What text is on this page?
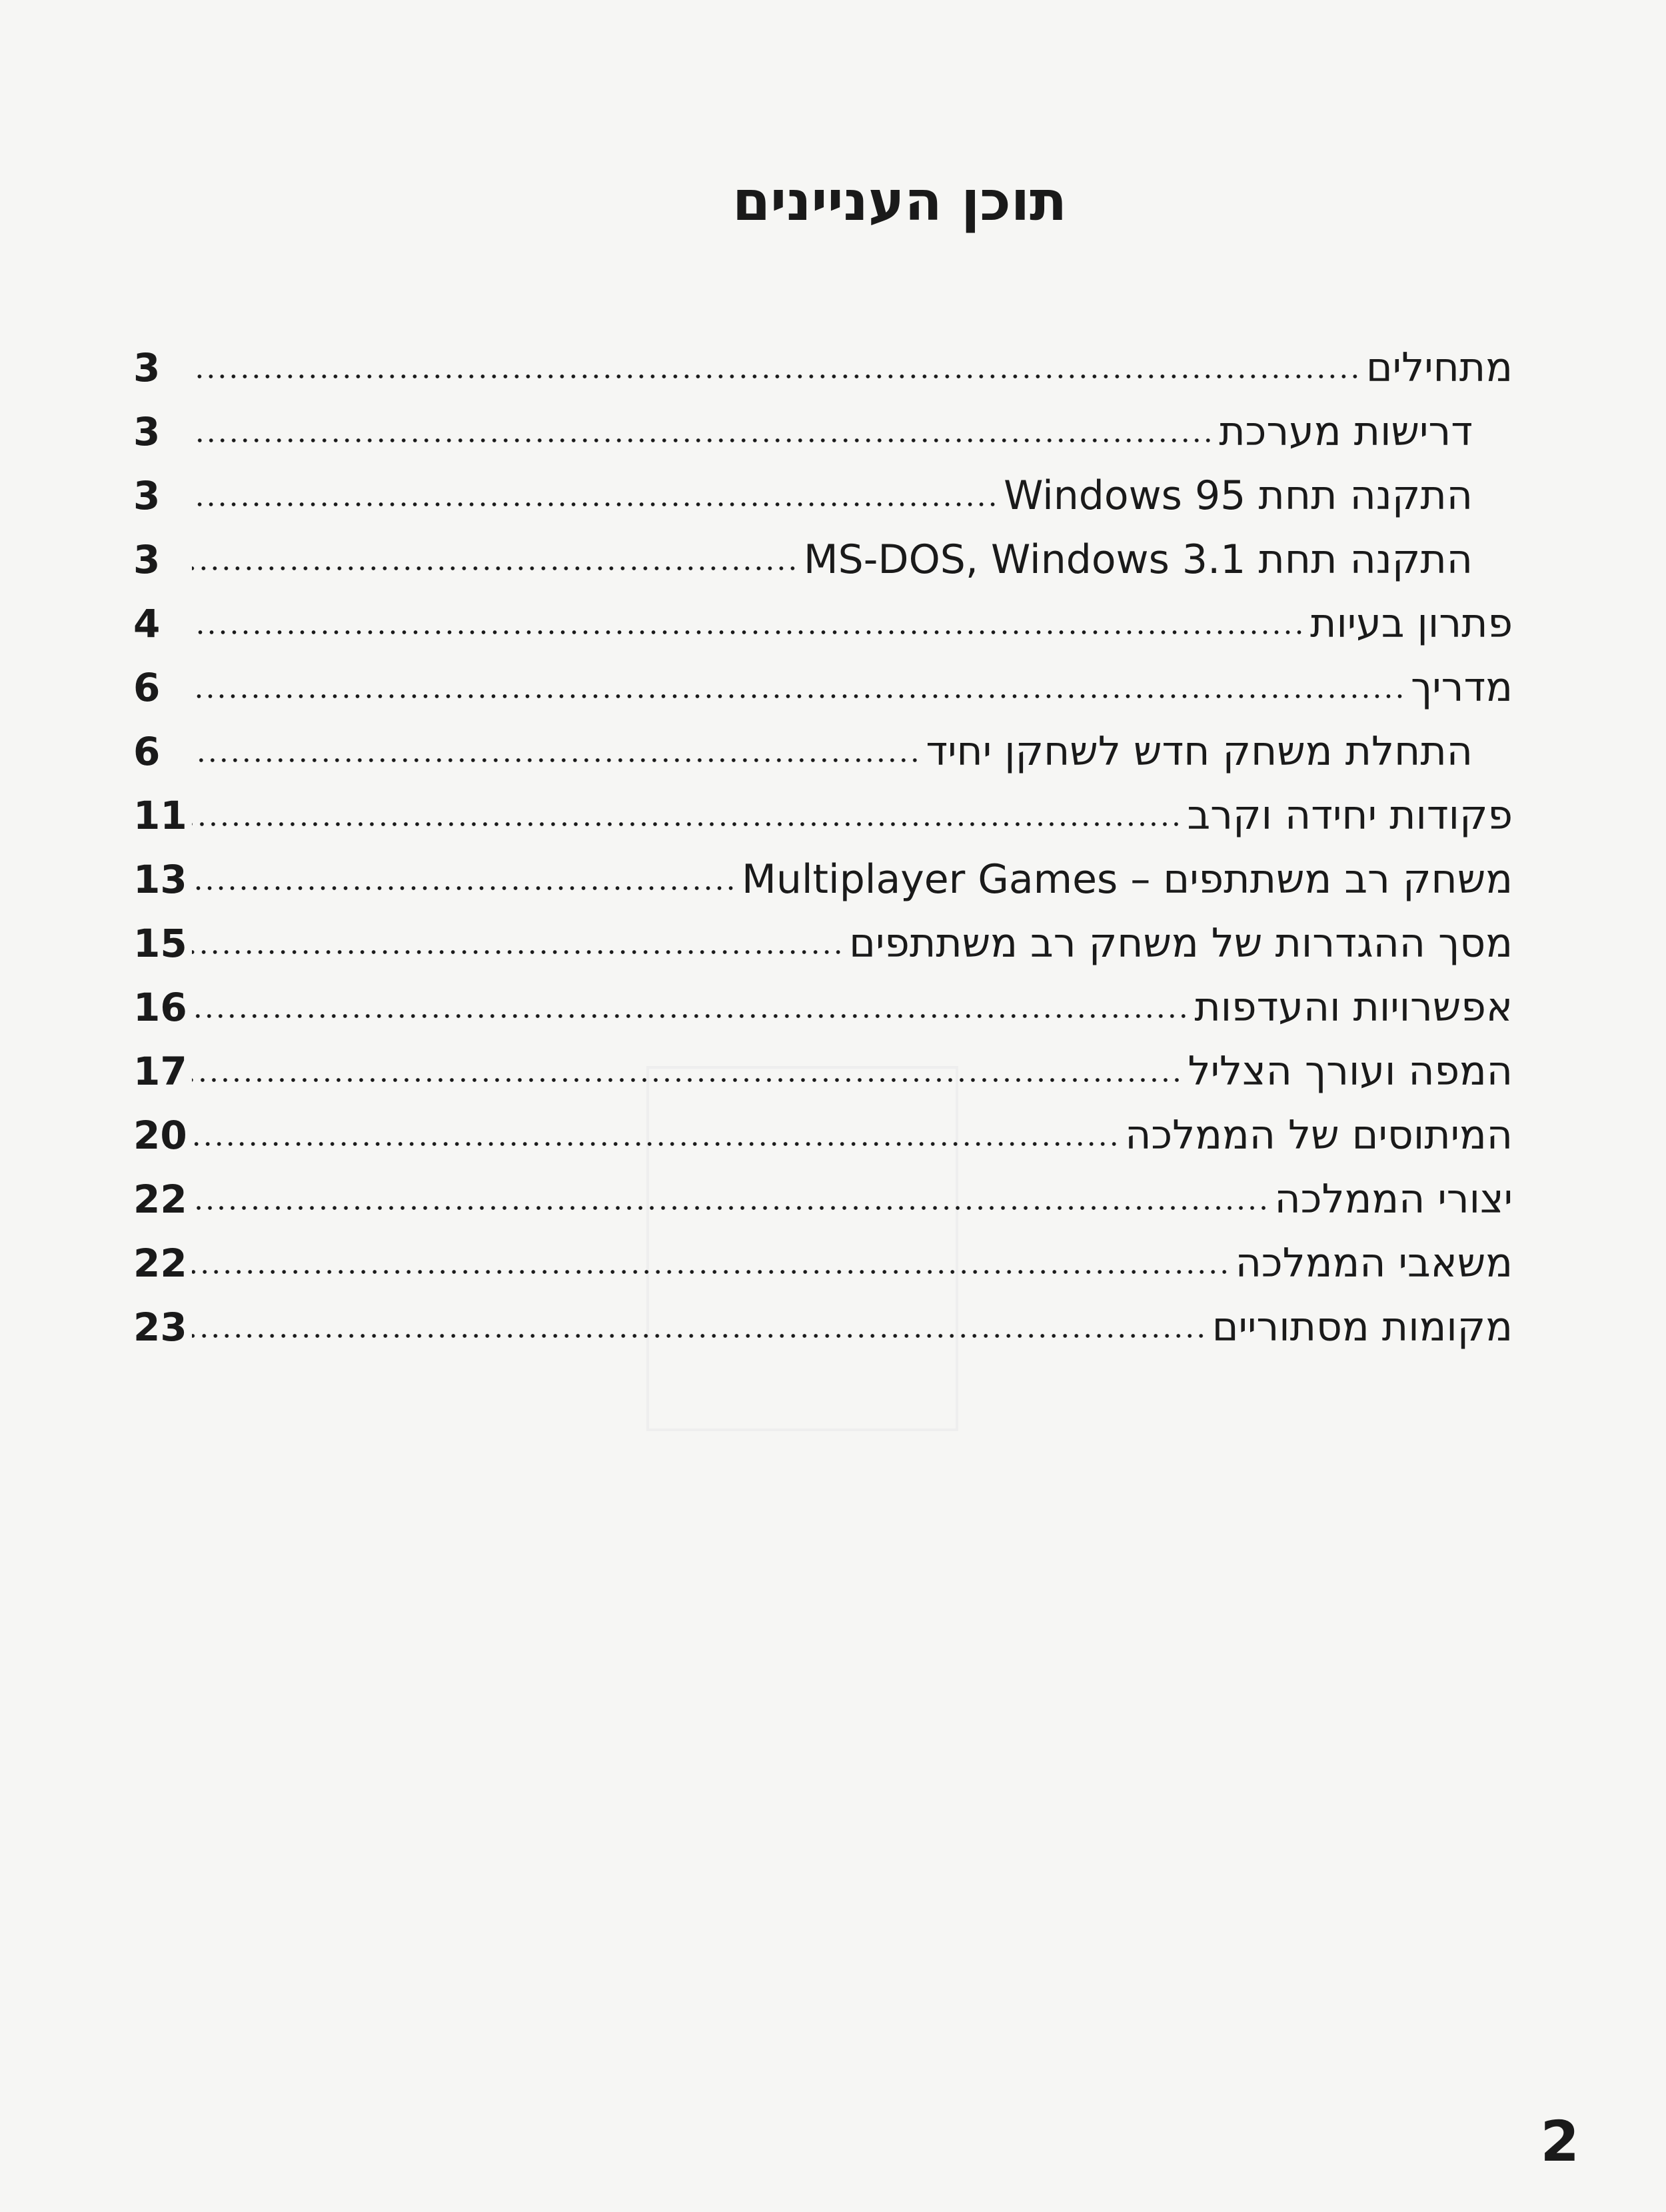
תוכן העניינים
מתחילים
3
דרישות מערכת
3
התקנה תחת Windows 95
3
התקנה תחת MS-DOS, Windows 3.1
3
פתרון בעיות
4
מדריך
6
התחלת משחק חדש לשחקן יחיד
6
פקודות יחידה וקרב
11
משחק רב משתתפים – Multiplayer Games
13
מסך ההגדרות של משחק רב משתתפים
15
אפשרויות והעדפות
16
המפה ועורך הצליל
17
המיתוסים של הממלכה
20
יצורי הממלכה
22
משאבי הממלכה
22
מקומות מסתוריים
23

2
